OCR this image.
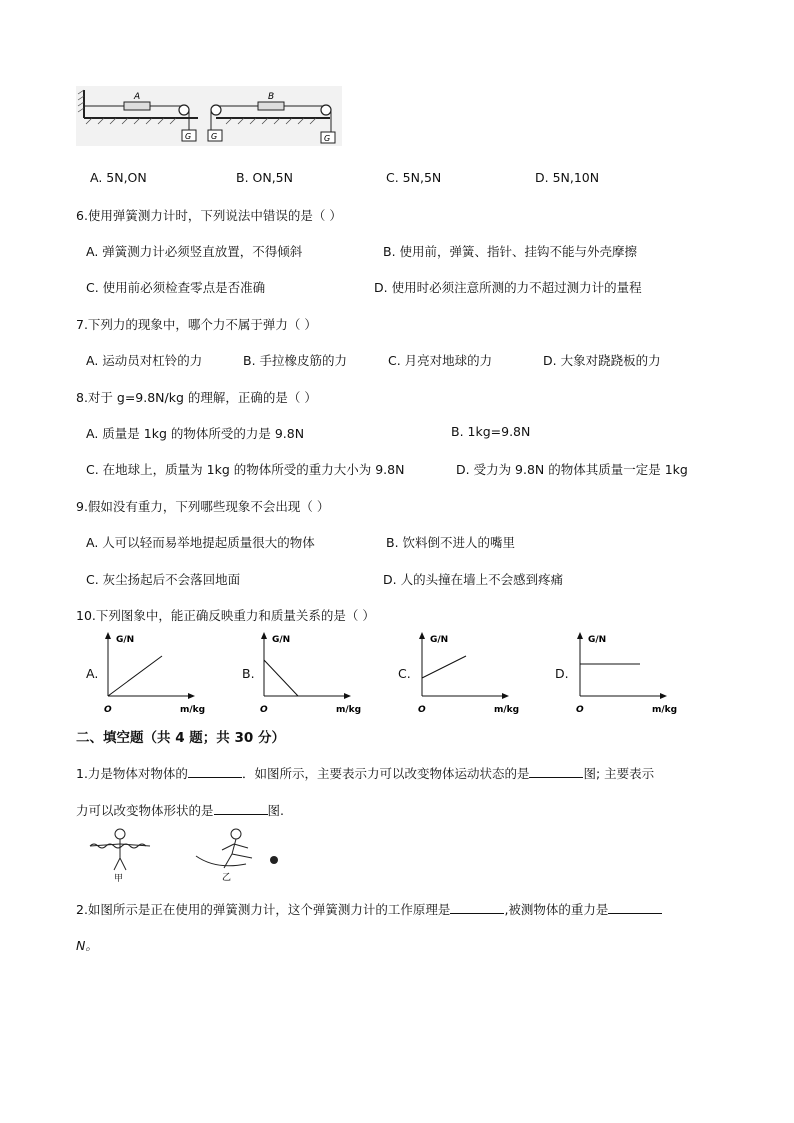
A
G G
B
G
A. 5N,ON	B. ON,5N	C. 5N,5N	D. 5N,10N
6.使用弹簧测力计时，下列说法中错误的是（ ）
A. 弹簧测力计必须竖直放置，不得倾斜	B. 使用前，弹簧、指针、挂钩不能与外壳摩擦
C. 使用前必须检查零点是否准确	D. 使用时必须注意所测的力不超过测力计的量程
7.下列力的现象中，哪个力不属于弹力（ ）
A. 运动员对杠铃的力	B. 手拉橡皮筋的力	C. 月亮对地球的力	D. 大象对跷跷板的力
8.对于 g=9.8N/kg 的理解，正确的是（ ）
A. 质量是 1kg 的物体所受的力是 9.8N	B. 1kg=9.8N
C. 在地球上，质量为 1kg 的物体所受的重力大小为 9.8N	D. 受力为 9.8N 的物体其质量一定是 1kg
9.假如没有重力，下列哪些现象不会出现（ ）
A. 人可以轻而易举地提起质量很大的物体	B. 饮料倒不进人的嘴里
C. 灰尘扬起后不会落回地面	D. 人的头撞在墙上不会感到疼痛
10.下列图象中，能正确反映重力和质量关系的是（ ）
A.
G/N
m/kg
O
B.
G/N
m/kg
O
C.
G/N
m/kg
O
D.
G/N
m/kg
O
二、填空题（共 4 题；共 30 分）
1.力是物体对物体的	．如图所示，主要表示力可以改变物体运动状态的是	图; 主要表示
力可以改变物体形状的是	图.
甲	乙
2.如图所示是正在使用的弹簧测力计，这个弹簧测力计的工作原理是	,被测物体的重力是
N。
